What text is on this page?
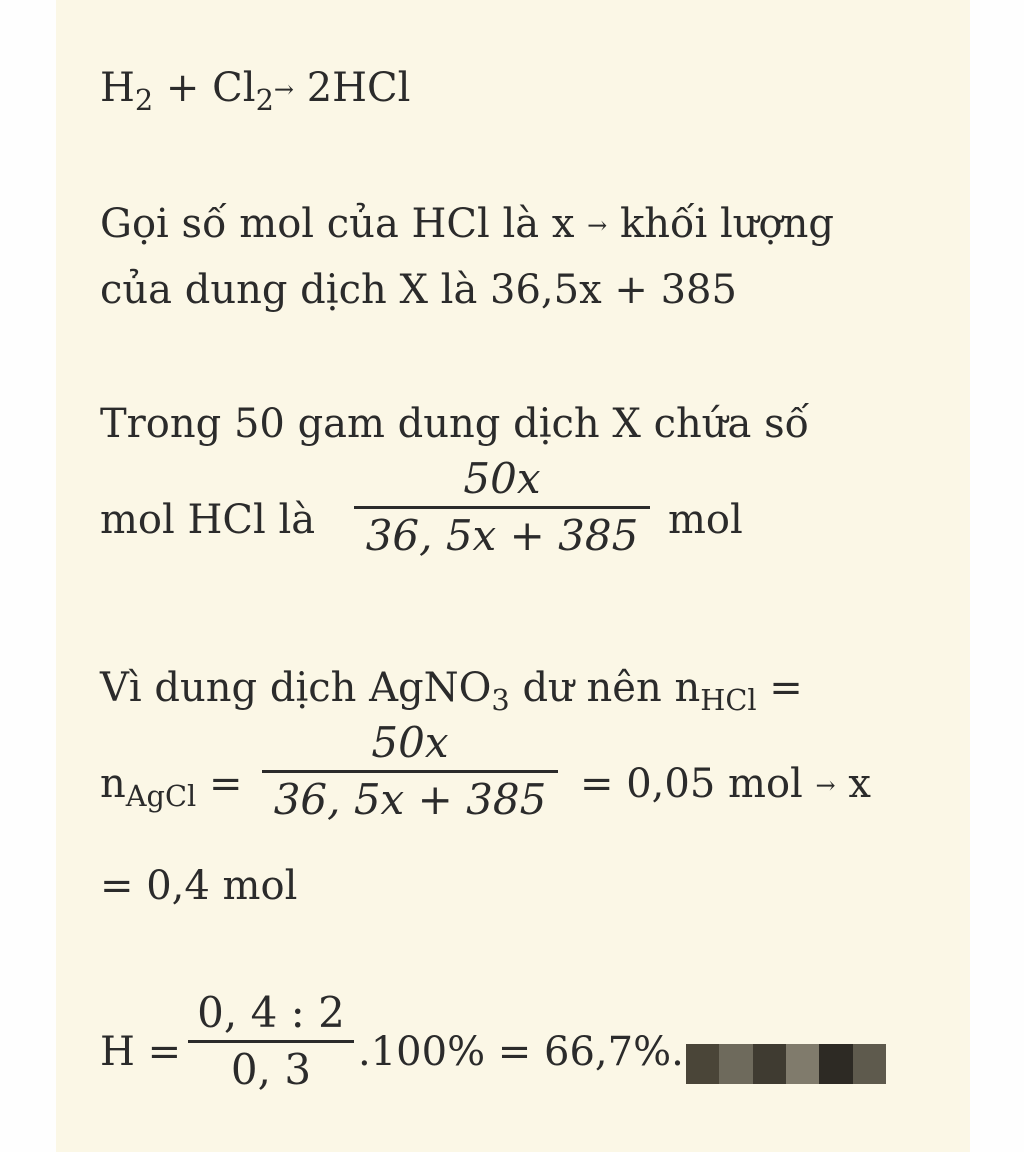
$H_2 + Cl_2\to 2HCl$
Gọi số mol của HCl là x → khối lượng
của dung dịch X là 36,5x + 385
Trong 50 gam dung dịch X chứa số
mol HCl là
50x
36, 5x + 385 mol
Vì dung dịch AgNO$_3$ dư nên $n_{HCl}$ =
$n_{AgCl}$ =
50x
36, 5x + 385 = 0,05 mol → x
= 0,4 mol
H =
0, 4 : 2
0, 3	.100% = 66,7%.
